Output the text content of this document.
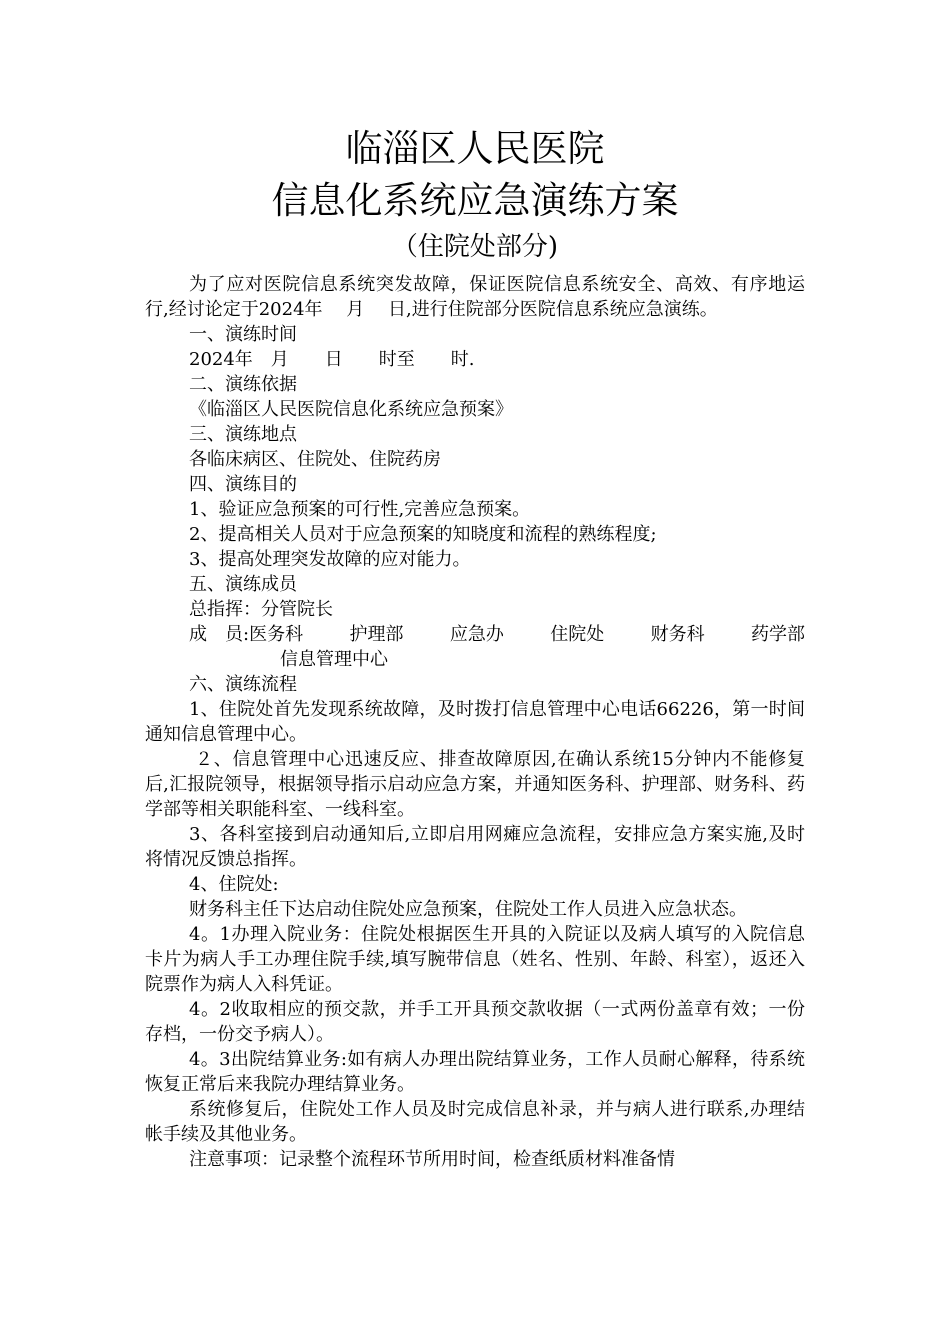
临淄区人民医院
信息化系统应急演练方案
（住院处部分)

为了应对医院信息系统突发故障，保证医院信息系统安全、高效、有序地运行,经讨论定于2024年　 月　 日,进行住院部分医院信息系统应急演练。

一、演练时间

2024年　月　　日　　时至　　时.

二、演练依据

《临淄区人民医院信息化系统应急预案》

三、演练地点

各临床病区、住院处、住院药房

四、演练目的

1、验证应急预案的可行性,完善应急预案。

2、提高相关人员对于应急预案的知晓度和流程的熟练程度;

3、提高处理突发故障的应对能力。

五、演练成员

总指挥：分管院长

成　员:医务科	护理部	应急办	住院处	财务科	药学部

信息管理中心

六、演练流程

1、住院处首先发现系统故障，及时拨打信息管理中心电话66226，第一时间通知信息管理中心。

２、信息管理中心迅速反应、排查故障原因,在确认系统15分钟内不能修复后,汇报院领导，根据领导指示启动应急方案，并通知医务科、护理部、财务科、药学部等相关职能科室、一线科室。

3、各科室接到启动通知后,立即启用网瘫应急流程，安排应急方案实施,及时将情况反馈总指挥。

4、住院处:

财务科主任下达启动住院处应急预案，住院处工作人员进入应急状态。

4。1办理入院业务：住院处根据医生开具的入院证以及病人填写的入院信息卡片为病人手工办理住院手续,填写腕带信息（姓名、性别、年龄、科室），返还入院票作为病人入科凭证。

4。2收取相应的预交款，并手工开具预交款收据（一式两份盖章有效；一份存档，一份交予病人）。

4。3出院结算业务:如有病人办理出院结算业务，工作人员耐心解释，待系统恢复正常后来我院办理结算业务。

系统修复后，住院处工作人员及时完成信息补录，并与病人进行联系,办理结帐手续及其他业务。

注意事项：记录整个流程环节所用时间，检查纸质材料准备情
